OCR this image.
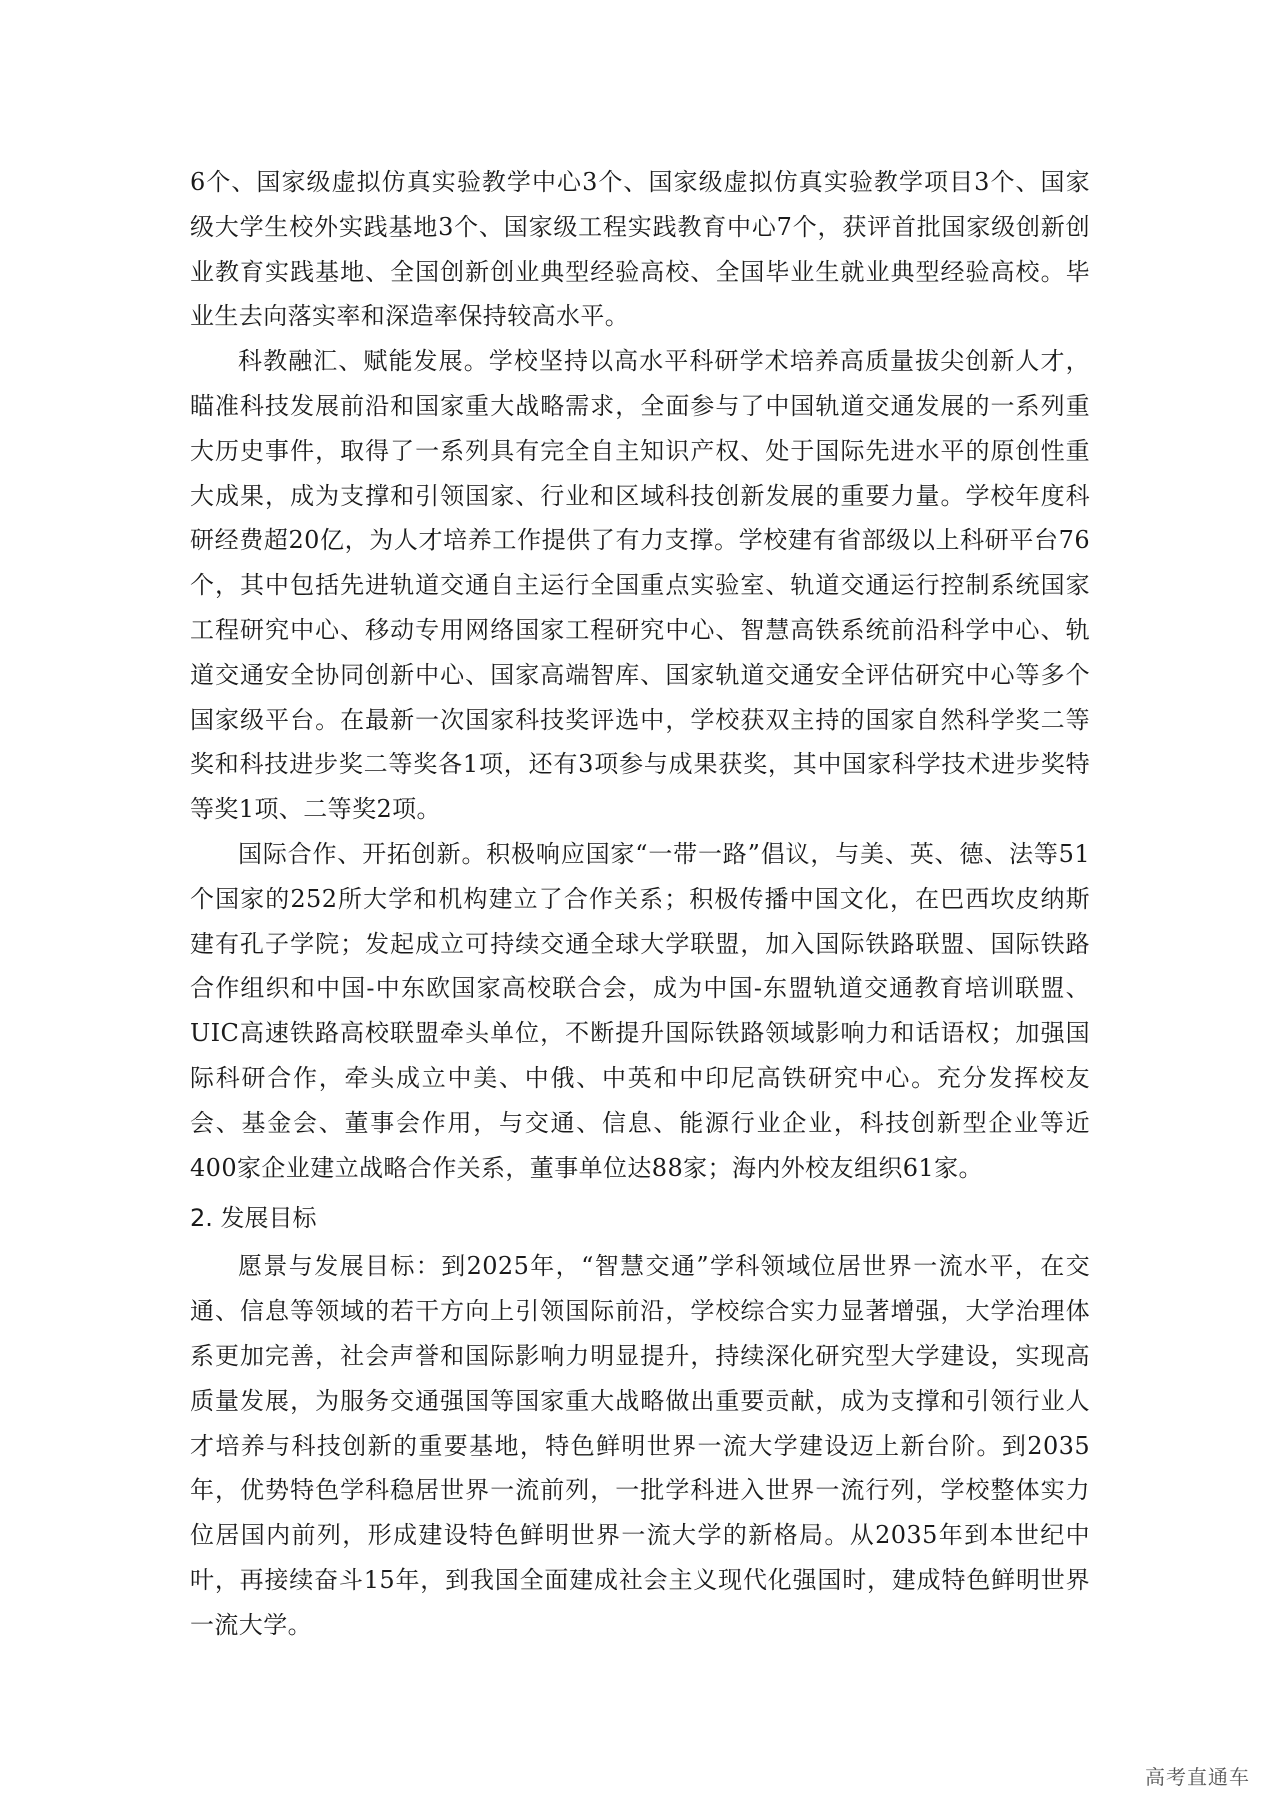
6个、国家级虚拟仿真实验教学中心3个、国家级虚拟仿真实验教学项目3个、国家级大学生校外实践基地3个、国家级工程实践教育中心7个，获评首批国家级创新创业教育实践基地、全国创新创业典型经验高校、全国毕业生就业典型经验高校。毕业生去向落实率和深造率保持较高水平。

科教融汇、赋能发展。学校坚持以高水平科研学术培养高质量拔尖创新人才，瞄准科技发展前沿和国家重大战略需求，全面参与了中国轨道交通发展的一系列重大历史事件，取得了一系列具有完全自主知识产权、处于国际先进水平的原创性重大成果，成为支撑和引领国家、行业和区域科技创新发展的重要力量。学校年度科研经费超20亿，为人才培养工作提供了有力支撑。学校建有省部级以上科研平台76个，其中包括先进轨道交通自主运行全国重点实验室、轨道交通运行控制系统国家工程研究中心、移动专用网络国家工程研究中心、智慧高铁系统前沿科学中心、轨道交通安全协同创新中心、国家高端智库、国家轨道交通安全评估研究中心等多个国家级平台。在最新一次国家科技奖评选中，学校获双主持的国家自然科学奖二等奖和科技进步奖二等奖各1项，还有3项参与成果获奖，其中国家科学技术进步奖特等奖1项、二等奖2项。

国际合作、开拓创新。积极响应国家“一带一路”倡议，与美、英、德、法等51个国家的252所大学和机构建立了合作关系；积极传播中国文化，在巴西坎皮纳斯建有孔子学院；发起成立可持续交通全球大学联盟，加入国际铁路联盟、国际铁路合作组织和中国-中东欧国家高校联合会，成为中国-东盟轨道交通教育培训联盟、UIC高速铁路高校联盟牵头单位，不断提升国际铁路领域影响力和话语权；加强国际科研合作，牵头成立中美、中俄、中英和中印尼高铁研究中心。充分发挥校友会、基金会、董事会作用，与交通、信息、能源行业企业，科技创新型企业等近400家企业建立战略合作关系，董事单位达88家；海内外校友组织61家。

2. 发展目标

愿景与发展目标：到2025年，“智慧交通”学科领域位居世界一流水平，在交通、信息等领域的若干方向上引领国际前沿，学校综合实力显著增强，大学治理体系更加完善，社会声誉和国际影响力明显提升，持续深化研究型大学建设，实现高质量发展，为服务交通强国等国家重大战略做出重要贡献，成为支撑和引领行业人才培养与科技创新的重要基地，特色鲜明世界一流大学建设迈上新台阶。到2035年，优势特色学科稳居世界一流前列，一批学科进入世界一流行列，学校整体实力位居国内前列，形成建设特色鲜明世界一流大学的新格局。从2035年到本世纪中叶，再接续奋斗15年，到我国全面建成社会主义现代化强国时，建成特色鲜明世界一流大学。

高考直通车
